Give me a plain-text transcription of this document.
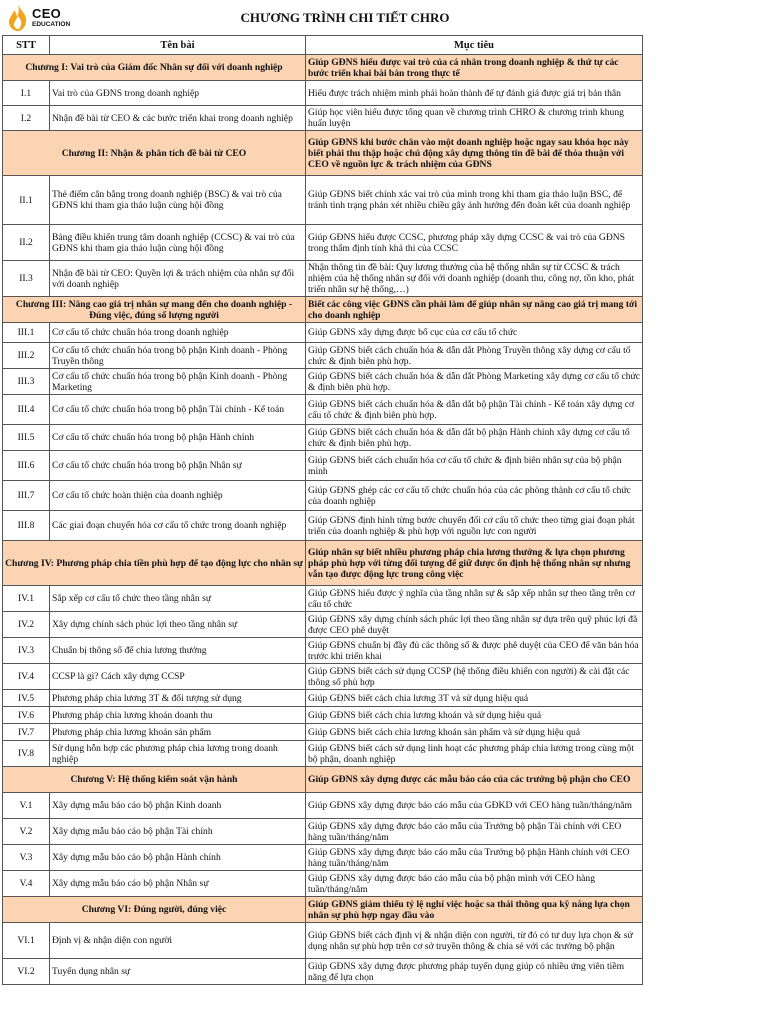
CEO
EDUCATION	CHƯƠNG TRÌNH CHI TIẾT CHRO
STT	Tên bài	Mục tiêu
Chương I: Vai trò của Giám đốc Nhân sự đối với doanh nghiệp		Giúp GĐNS hiểu được vai trò của cá nhân trong doanh nghiệp & thứ tự các bước triển khai bài bản trong thực tế
I.1	Vai trò của GĐNS trong doanh nghiệp	Hiểu được trách nhiệm mình phải hoàn thành để tự đánh giá được giá trị bản thân
I.2	Nhận đề bài từ CEO & các bước triển khai trong doanh nghiệp	Giúp học viên hiểu được tổng quan về chương trình CHRO & chương trình khung huấn luyện
Chương II: Nhận & phân tích đề bài từ CEO		Giúp GĐNS khi bước chân vào một doanh nghiệp hoặc ngay sau khóa học này biết phải thu thập hoặc chủ động xây dựng thông tin đề bài để thỏa thuận với CEO về nguồn lực & trách nhiệm của GĐNS
II.1	Thẻ điểm cân bằng trong doanh nghiệp (BSC) & vai trò của GĐNS khi tham gia thảo luận cùng hội đồng	Giúp GĐNS biết chính xác vai trò của mình trong khi tham gia thảo luận BSC, để tránh tình trạng phản xét nhiều chiều gây ảnh hưởng đến đoàn kết của doanh nghiệp
II.2	Bảng điều khiển trung tâm doanh nghiệp (CCSC) & vai trò của GĐNS khi tham gia thảo luận cùng hội đồng	Giúp GĐNS hiểu được CCSC, phương pháp xây dựng CCSC & vai trò của GĐNS trong thẩm định tính khả thi của CCSC
II.3	Nhận đề bài từ CEO: Quyền lợi & trách nhiệm của nhân sự đối với doanh nghiệp	Nhận thông tin đề bài: Quy lương thưởng của hệ thống nhân sự từ CCSC & trách nhiệm của hệ thống nhân sự đối với doanh nghiệp (doanh thu, công nợ, tồn kho, phát triển nhân sự hệ thống,…)
Chương III: Nâng cao giá trị nhân sự mang đến cho doanh nghiệp - Đúng việc, đúng số lượng người		Biết các công việc GĐNS cần phải làm để giúp nhân sự nâng cao giá trị mang tới cho doanh nghiệp
III.1	Cơ cấu tổ chức chuẩn hóa trong doanh nghiệp	Giúp GĐNS xây dựng được bố cục của cơ cấu tổ chức
III.2	Cơ cấu tổ chức chuẩn hóa trong bộ phận Kinh doanh - Phòng Truyền thông	Giúp GĐNS biết cách chuẩn hóa & dẫn dắt Phòng Truyền thông xây dựng cơ cấu tổ chức & định biên phù hợp.
III.3	Cơ cấu tổ chức chuẩn hóa trong bộ phận Kinh doanh - Phòng Marketing	Giúp GĐNS biết cách chuẩn hóa & dẫn dắt Phòng Marketing xây dựng cơ cấu tổ chức & định biên phù hợp.
III.4	Cơ cấu tổ chức chuẩn hóa trong bộ phận Tài chính - Kế toán	Giúp GĐNS biết cách chuẩn hóa & dẫn dắt bộ phận Tài chính - Kế toán xây dựng cơ cấu tổ chức & định biên phù hợp.
III.5	Cơ cấu tổ chức chuẩn hóa trong bộ phận Hành chính	Giúp GĐNS biết cách chuẩn hóa & dẫn dắt bộ phận Hành chính xây dựng cơ cấu tổ chức & định biên phù hợp.
III.6	Cơ cấu tổ chức chuẩn hóa trong bộ phận Nhân sự	Giúp GĐNS biết cách chuẩn hóa cơ cấu tổ chức & định biên nhân sự của bộ phận mình
III.7	Cơ cấu tổ chức hoàn thiện của doanh nghiệp	Giúp GĐNS ghép các cơ cấu tổ chức chuẩn hóa của các phòng thành cơ cấu tổ chức của doanh nghiệp
III.8	Các giai đoạn chuyển hóa cơ cấu tổ chức trong doanh nghiệp	Giúp GĐNS định hình từng bước chuyển đổi cơ cấu tổ chức theo từng giai đoạn phát triển của doanh nghiệp & phù hợp với nguồn lực con người
Chương IV: Phương pháp chia tiền phù hợp để tạo động lực cho nhân sự		Giúp nhân sự biết nhiều phương pháp chia lương thưởng & lựa chọn phương pháp phù hợp với từng đối tượng để giữ được ổn định hệ thống nhân sự nhưng vẫn tạo được động lực trong công việc
IV.1	Sắp xếp cơ cấu tổ chức theo tầng nhân sự	Giúp GĐNS hiểu được ý nghĩa của tầng nhân sự & sắp xếp nhân sự theo tầng trên cơ cấu tổ chức
IV.2	Xây dựng chính sách phúc lợi theo tầng nhân sự	Giúp GĐNS xây dựng chính sách phúc lợi theo tầng nhân sự dựa trên quỹ phúc lợi đã được CEO phê duyệt
IV.3	Chuẩn bị thông số để chia lương thưởng	Giúp GĐNS chuẩn bị đầy đủ các thông số & được phê duyệt của CEO để văn bản hóa trước khi triển khai
IV.4	CCSP là gì? Cách xây dựng CCSP	Giúp GĐNS biết cách sử dụng CCSP (hệ thống điều khiển con người) & cài đặt các thông số phù hợp
IV.5	Phương pháp chia lương 3T & đối tượng sử dụng	Giúp GĐNS biết cách chia lương 3T và sử dụng hiệu quả
IV.6	Phương pháp chia lương khoán doanh thu	Giúp GĐNS biết cách chia lương khoán và sử dụng hiệu quả
IV.7	Phương pháp chia lương khoán sản phẩm	Giúp GĐNS biết cách chia lương khoán sản phẩm và sử dụng hiệu quả
IV.8	Sử dụng hỗn hợp các phương pháp chia lương trong doanh nghiệp	Giúp GĐNS biết cách sử dụng linh hoạt các phương pháp chia lương trong cùng một bộ phận, doanh nghiệp
Chương V: Hệ thống kiểm soát vận hành		Giúp GĐNS xây dựng được các mẫu báo cáo của các trưởng bộ phận cho CEO
V.1	Xây dựng mẫu báo cáo bộ phận Kinh doanh	Giúp GĐNS xây dựng được báo cáo mẫu của GĐKD với CEO hàng tuần/tháng/năm
V.2	Xây dựng mẫu báo cáo bộ phận Tài chính	Giúp GĐNS xây dựng được báo cáo mẫu của Trưởng bộ phận Tài chính với CEO hàng tuần/tháng/năm
V.3	Xây dựng mẫu báo cáo bộ phận Hành chính	Giúp GĐNS xây dựng được báo cáo mẫu của Trưởng bộ phận Hành chính với CEO hàng tuần/tháng/năm
V.4	Xây dựng mẫu báo cáo bộ phận Nhân sự	Giúp GĐNS xây dựng được báo cáo mẫu của bộ phận mình với CEO hàng tuần/tháng/năm
Chương VI: Đúng người, đúng việc		Giúp GĐNS giảm thiểu tỷ lệ nghỉ việc hoặc sa thải thông qua kỹ năng lựa chọn nhân sự phù hợp ngay đầu vào
VI.1	Định vị & nhận diện con người	Giúp GĐNS biết cách định vị & nhận diện con người, từ đó có tư duy lựa chọn & sử dụng nhân sự phù hợp trên cơ sở truyền thông & chia sẻ với các trưởng bộ phận
VI.2	Tuyển dụng nhân sự	Giúp GĐNS xây dựng được phương pháp tuyển dụng giúp có nhiều ứng viên tiềm năng để lựa chọn
